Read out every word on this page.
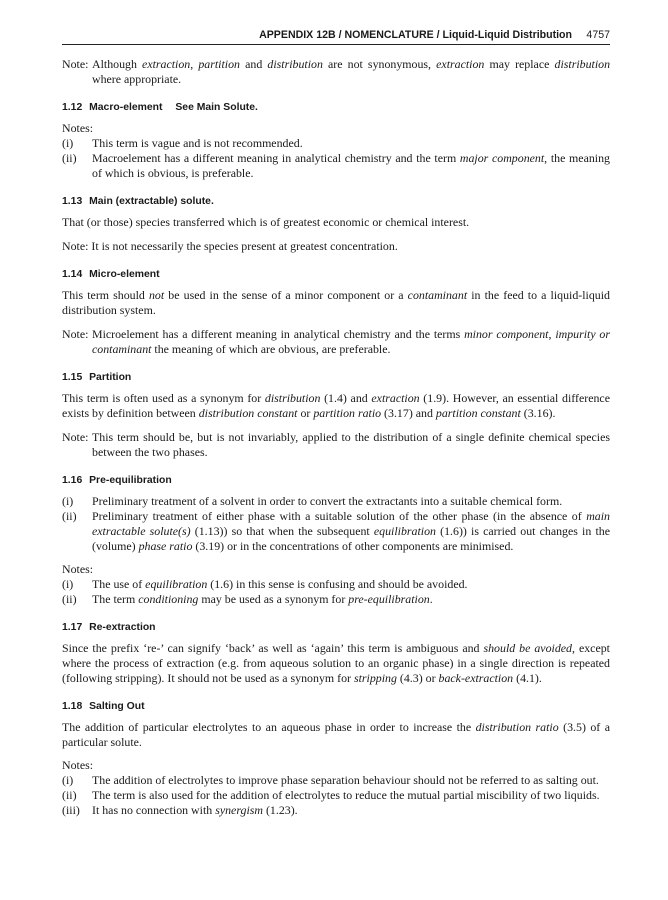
APPENDIX 12B / NOMENCLATURE / Liquid-Liquid Distribution 4757
Note: Although extraction, partition and distribution are not synonymous, extraction may replace distribution where appropriate.
1.12 Macro-element See Main Solute.

Notes:

(i)	This term is vague and is not recommended.
(ii)	Macroelement has a different meaning in analytical chemistry and the term major component, the meaning of which is obvious, is preferable.
1.13 Main (extractable) solute.

That (or those) species transferred which is of greatest economic or chemical interest.

Note: It is not necessarily the species present at greatest concentration.

1.14 Micro-element

This term should not be used in the sense of a minor component or a contaminant in the feed to a liquid-liquid distribution system.

Note: Microelement has a different meaning in analytical chemistry and the terms minor component, impurity or contaminant the meaning of which are obvious, are preferable.
1.15 Partition

This term is often used as a synonym for distribution (1.4) and extraction (1.9). However, an essential difference exists by definition between distribution constant or partition ratio (3.17) and partition constant (3.16).

Note: This term should be, but is not invariably, applied to the distribution of a single definite chemical species between the two phases.
1.16 Pre-equilibration
(i)	Preliminary treatment of a solvent in order to convert the extractants into a suitable chemical form.
(ii)	Preliminary treatment of either phase with a suitable solution of the other phase (in the absence of main extractable solute(s) (1.13)) so that when the subsequent equilibration (1.6)) is carried out changes in the (volume) phase ratio (3.19) or in the concentrations of other components are minimised.

Notes:

(i)	The use of equilibration (1.6) in this sense is confusing and should be avoided.
(ii)	The term conditioning may be used as a synonym for pre-equilibration.
1.17 Re-extraction

Since the prefix ‘re-’ can signify ‘back’ as well as ‘again’ this term is ambiguous and should be avoided, except where the process of extraction (e.g. from aqueous solution to an organic phase) in a single direction is repeated (following stripping). It should not be used as a synonym for stripping (4.3) or back-extraction (4.1).

1.18 Salting Out

The addition of particular electrolytes to an aqueous phase in order to increase the distribution ratio (3.5) of a particular solute.

Notes:

(i)	The addition of electrolytes to improve phase separation behaviour should not be referred to as salting out.
(ii)	The term is also used for the addition of electrolytes to reduce the mutual partial miscibility of two liquids.
(iii)	It has no connection with synergism (1.23).
